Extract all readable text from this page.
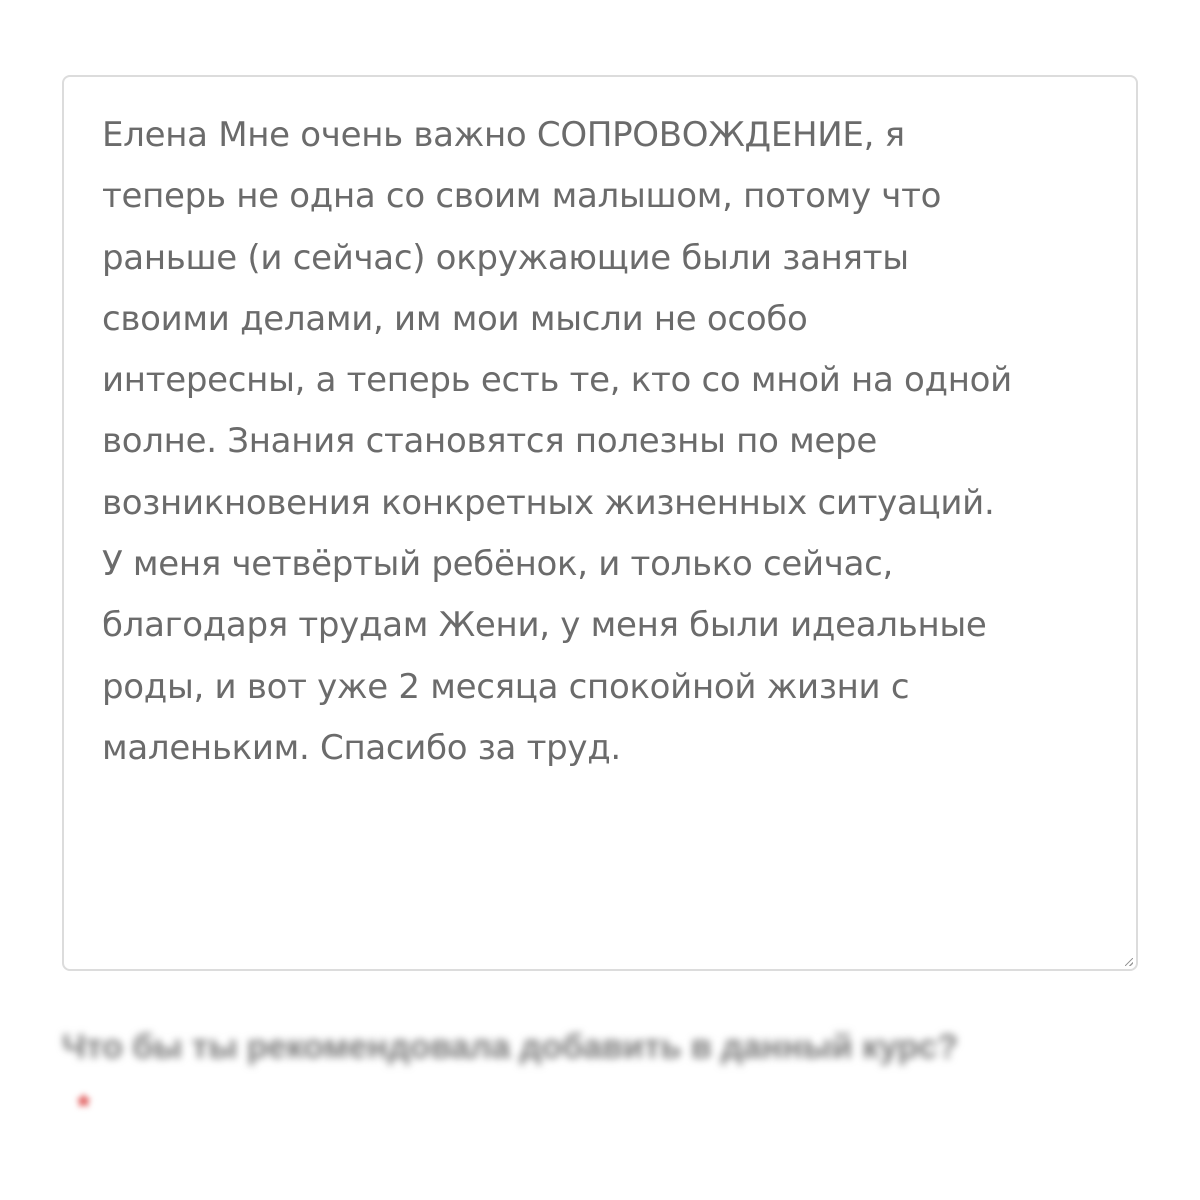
Елена Мне очень важно СОПРОВОЖДЕНИЕ, я
теперь не одна со своим малышом, потому что
раньше (и сейчас) окружающие были заняты
своими делами, им мои мысли не особо
интересны, а теперь есть те, кто со мной на одной
волне. Знания становятся полезны по мере
возникновения конкретных жизненных ситуаций.
У меня четвёртый ребёнок, и только сейчас,
благодаря трудам Жени, у меня были идеальные
роды, и вот уже 2 месяца спокойной жизни с
маленьким. Спасибо за труд.

Что бы ты рекомендовала добавить в данный курс?
*
